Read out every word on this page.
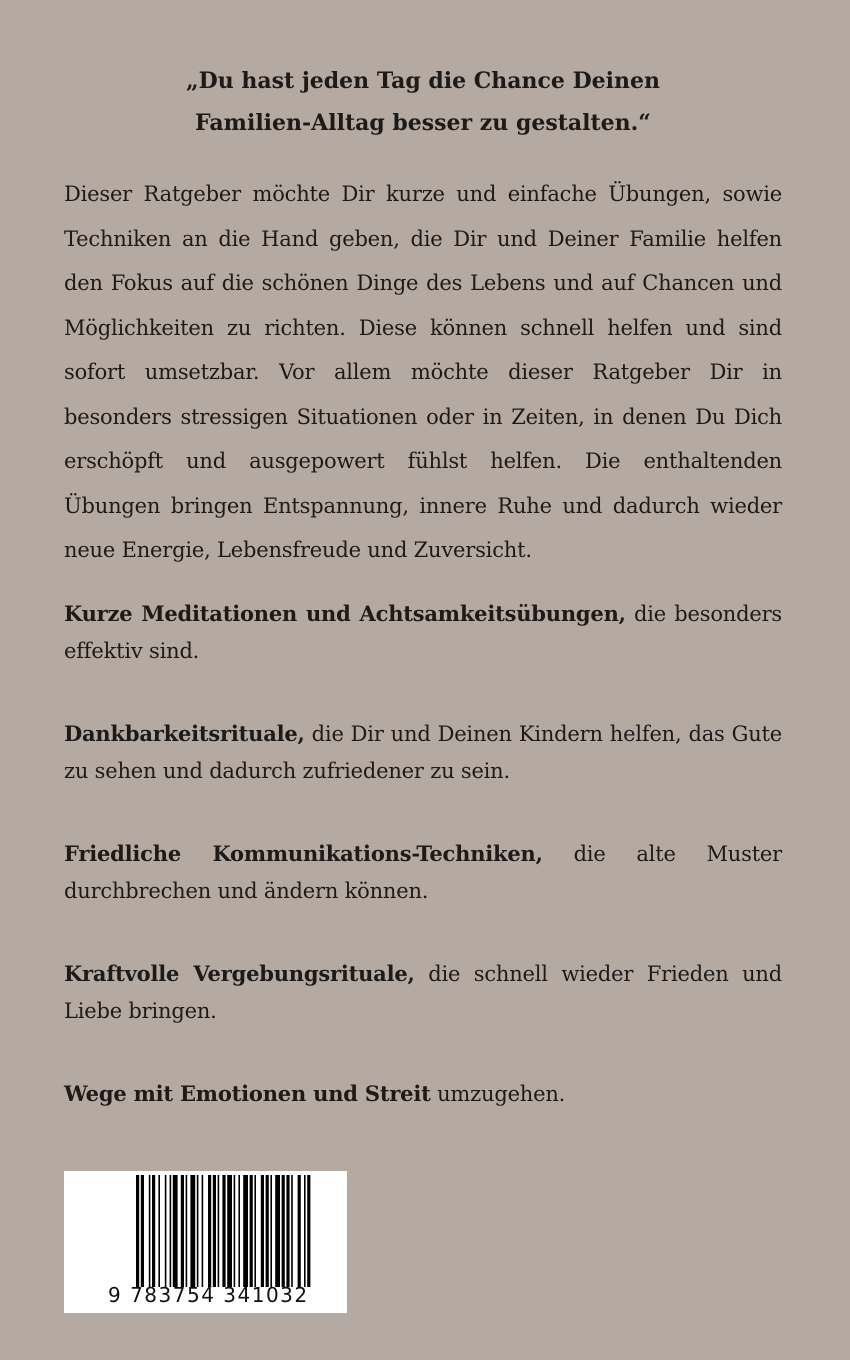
„Du hast jeden Tag die Chance Deinen
Familien-Alltag besser zu gestalten.“

Dieser Ratgeber möchte Dir kurze und einfache Übungen, sowie Techniken an die Hand geben, die Dir und Deiner Familie helfen den Fokus auf die schönen Dinge des Lebens und auf Chancen und Möglichkeiten zu richten. Diese können schnell helfen und sind sofort umsetzbar. Vor allem möchte dieser Ratgeber Dir in besonders stressigen Situationen oder in Zeiten, in denen Du Dich erschöpft und ausgepowert fühlst helfen. Die enthaltenden Übungen bringen Entspannung, innere Ruhe und dadurch wieder neue Energie, Lebensfreude und Zuversicht.

Kurze Meditationen und Achtsamkeitsübungen, die besonders effektiv sind.

Dankbarkeitsrituale, die Dir und Deinen Kindern helfen, das Gute zu sehen und dadurch zufriedener zu sein.

Friedliche Kommunikations-Techniken, die alte Muster durchbrechen und ändern können.

Kraftvolle Vergebungsrituale, die schnell wieder Frieden und Liebe bringen.

Wege mit Emotionen und Streit umzugehen.

9 783754 341032
